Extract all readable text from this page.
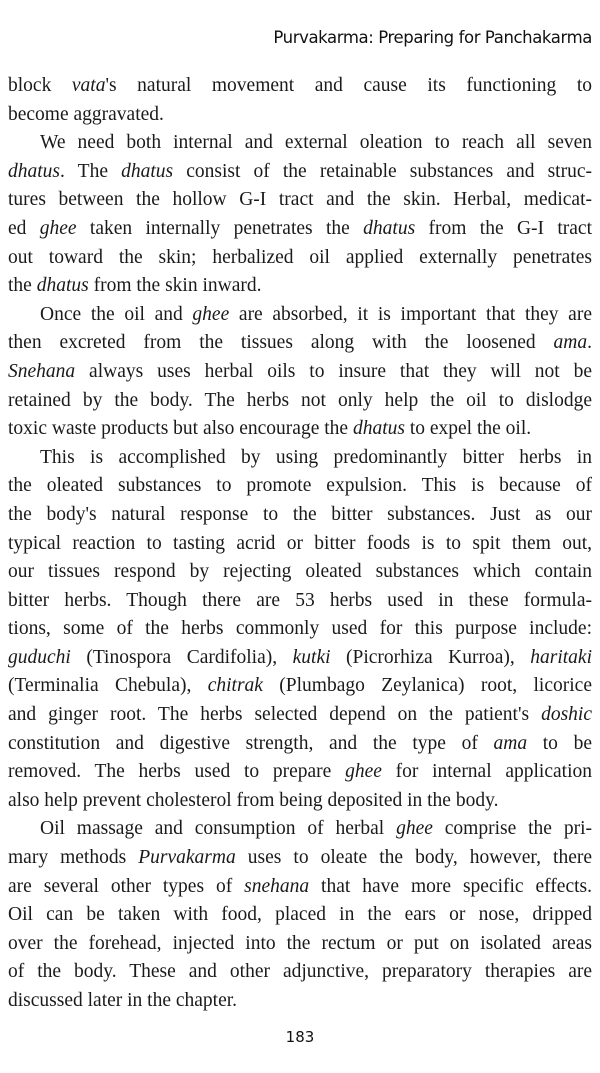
Purvakarma: Preparing for Panchakarma
block vata's natural movement and cause its functioning to
become aggravated.
We need both internal and external oleation to reach all seven
dhatus. The dhatus consist of the retainable substances and struc-
tures between the hollow G-I tract and the skin. Herbal, medicat-
ed ghee taken internally penetrates the dhatus from the G-I tract
out toward the skin; herbalized oil applied externally penetrates
the dhatus from the skin inward.
Once the oil and ghee are absorbed, it is important that they are
then excreted from the tissues along with the loosened ama.
Snehana always uses herbal oils to insure that they will not be
retained by the body. The herbs not only help the oil to dislodge
toxic waste products but also encourage the dhatus to expel the oil.
This is accomplished by using predominantly bitter herbs in
the oleated substances to promote expulsion. This is because of
the body's natural response to the bitter substances. Just as our
typical reaction to tasting acrid or bitter foods is to spit them out,
our tissues respond by rejecting oleated substances which contain
bitter herbs. Though there are 53 herbs used in these formula-
tions, some of the herbs commonly used for this purpose include:
guduchi (Tinospora Cardifolia), kutki (Picrorhiza Kurroa), haritaki
(Terminalia Chebula), chitrak (Plumbago Zeylanica) root, licorice
and ginger root. The herbs selected depend on the patient's doshic
constitution and digestive strength, and the type of ama to be
removed. The herbs used to prepare ghee for internal application
also help prevent cholesterol from being deposited in the body.
Oil massage and consumption of herbal ghee comprise the pri-
mary methods Purvakarma uses to oleate the body, however, there
are several other types of snehana that have more specific effects.
Oil can be taken with food, placed in the ears or nose, dripped
over the forehead, injected into the rectum or put on isolated areas
of the body. These and other adjunctive, preparatory therapies are
discussed later in the chapter.
183
